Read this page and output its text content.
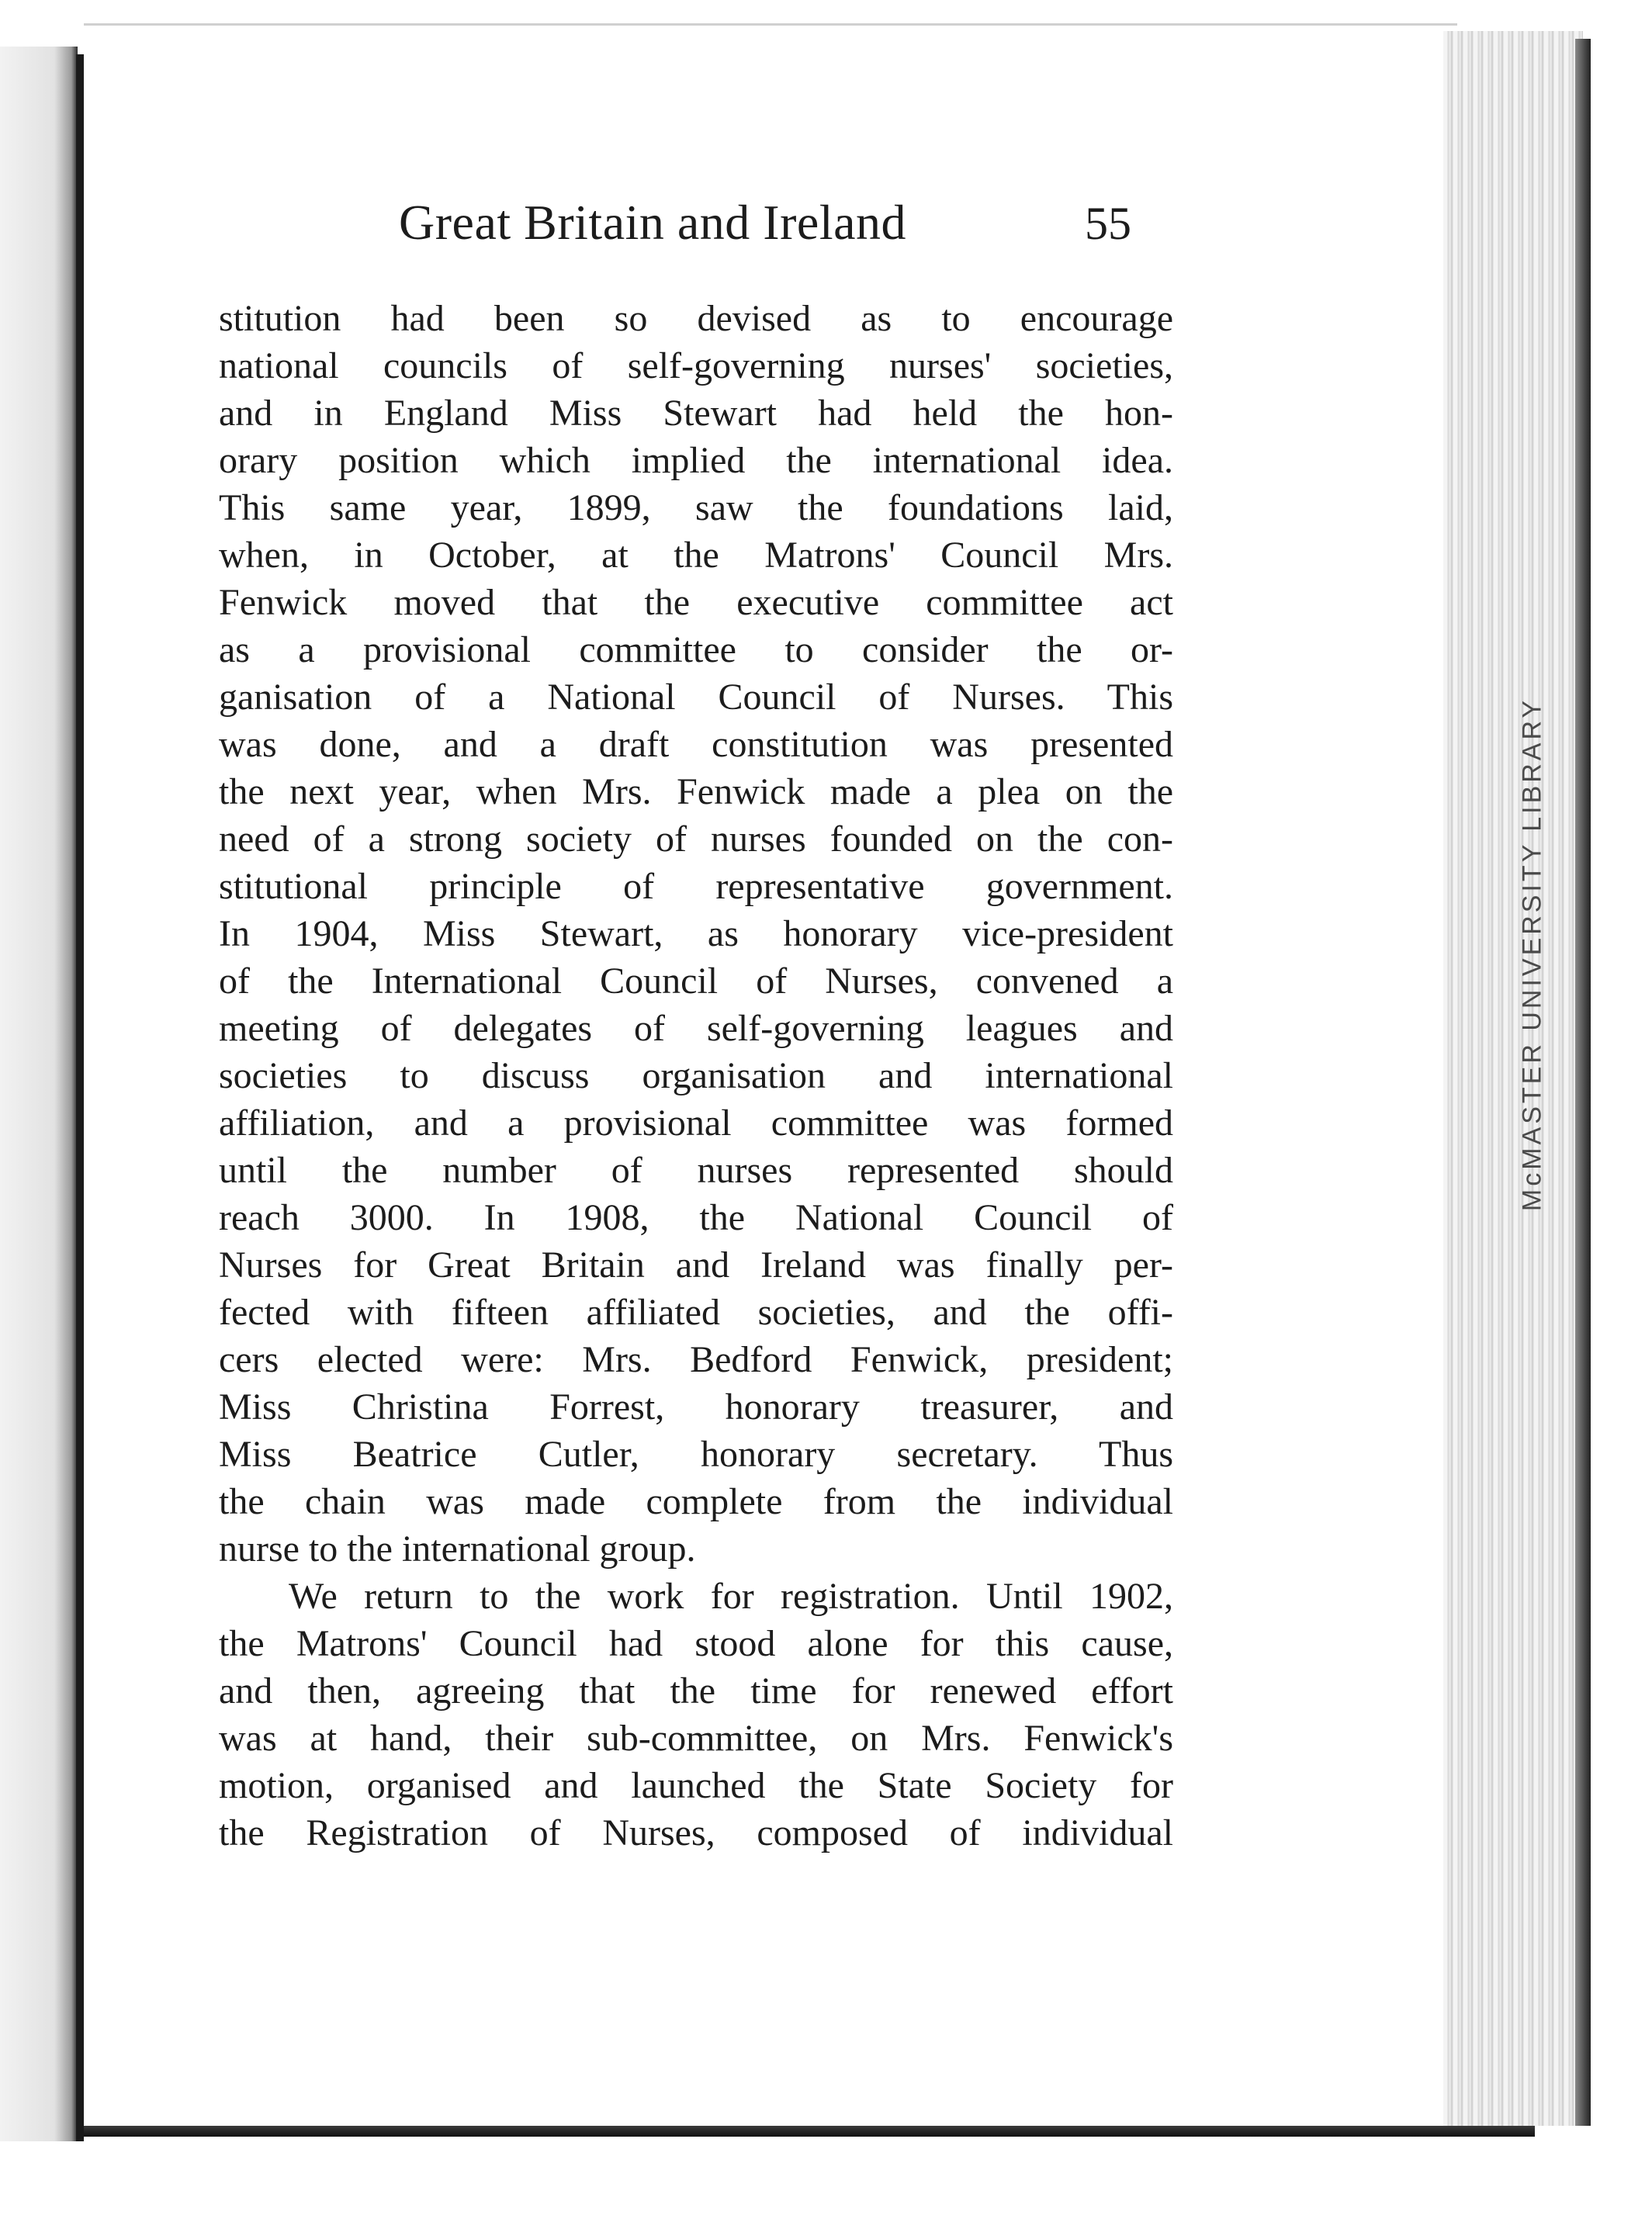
McMASTER UNIVERSITY LIBRARY
Great Britain and Ireland	55
stitution had been so devised as to encourage
national councils of self-governing nurses' societies,
and in England Miss Stewart had held the hon-
orary position which implied the international idea.
This same year, 1899, saw the foundations laid,
when, in October, at the Matrons' Council Mrs.
Fenwick moved that the executive committee act
as a provisional committee to consider the or-
ganisation of a National Council of Nurses. This
was done, and a draft constitution was presented
the next year, when Mrs. Fenwick made a plea on the
need of a strong society of nurses founded on the con-
stitutional principle of representative government.
In 1904, Miss Stewart, as honorary vice-president
of the International Council of Nurses, convened a
meeting of delegates of self-governing leagues and
societies to discuss organisation and international
affiliation, and a provisional committee was formed
until the number of nurses represented should
reach 3000. In 1908, the National Council of
Nurses for Great Britain and Ireland was finally per-
fected with fifteen affiliated societies, and the offi-
cers elected were: Mrs. Bedford Fenwick, president;
Miss Christina Forrest, honorary treasurer, and
Miss Beatrice Cutler, honorary secretary. Thus
the chain was made complete from the individual
nurse to the international group.
We return to the work for registration. Until 1902,
the Matrons' Council had stood alone for this cause,
and then, agreeing that the time for renewed effort
was at hand, their sub-committee, on Mrs. Fenwick's
motion, organised and launched the State Society for
the Registration of Nurses, composed of individual
